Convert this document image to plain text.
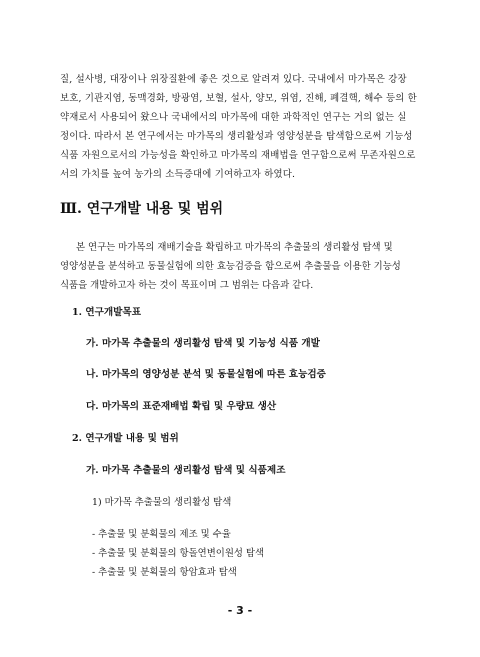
질, 설사병, 대장이나 위장질환에 좋은 것으로 알려져 있다. 국내에서 마가목은 강장
보호, 기관지염, 동맥경화, 방광염, 보혈, 설사, 양모, 위염, 진해, 폐결핵, 해수 등의 한
약재로서 사용되어 왔으나 국내에서의 마가목에 대한 과학적인 연구는 거의 없는 실
정이다. 따라서 본 연구에서는 마가목의 생리활성과 영양성분을 탐색함으로써 기능성
식품 자원으로서의 가능성을 확인하고 마가목의 재배법을 연구함으로써 무존자원으로
서의 가치를 높여 농가의 소득증대에 기여하고자 하였다.

Ⅲ. 연구개발 내용 및 범위

본 연구는 마가목의 재배기술을 확립하고 마가목의 추출물의 생리활성 탐색 및
영양성분을 분석하고 동물실험에 의한 효능검증을 함으로써 추출물을 이용한 기능성
식품을 개발하고자 하는 것이 목표이며 그 범위는 다음과 같다.

1. 연구개발목표

가. 마가목 추출물의 생리활성 탐색 및 기능성 식품 개발

나. 마가목의 영양성분 분석 및 동물실험에 따른 효능검증

다. 마가목의 표준재배법 확립 및 우량묘 생산

2. 연구개발 내용 및 범위

가. 마가목 추출물의 생리활성 탐색 및 식품제조

1) 마가목 추출물의 생리활성 탐색

- 추출물 및 분획물의 제조 및 수율

- 추출물 및 분획물의 항돌연변이원성 탐색

- 추출물 및 분획물의 항암효과 탐색

- 3 -
